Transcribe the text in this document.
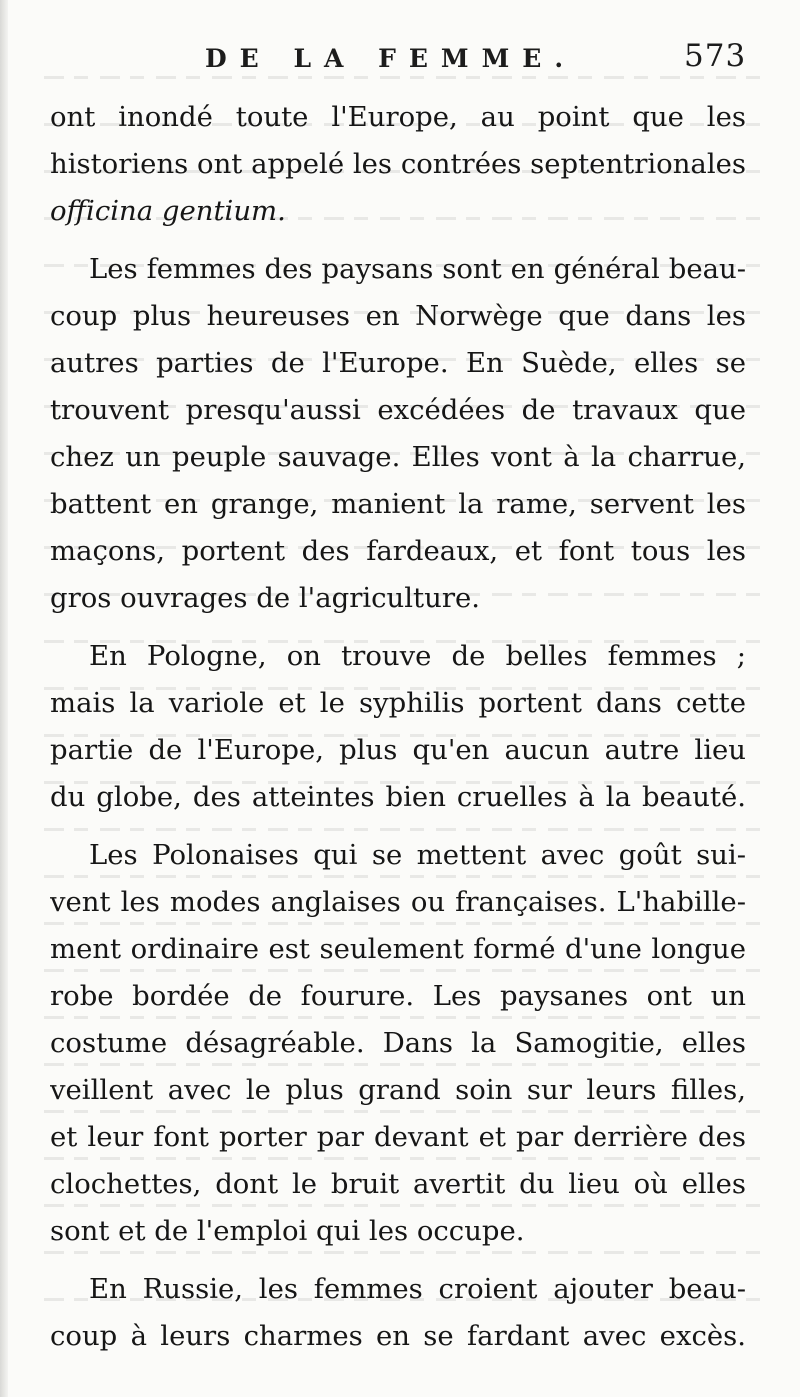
DE LA FEMME.	573
ont inondé toute l'Europe, au point que les
historiens ont appelé les contrées septentrionales
officina gentium.
Les femmes des paysans sont en général beau-
coup plus heureuses en Norwège que dans les
autres parties de l'Europe. En Suède, elles se
trouvent presqu'aussi excédées de travaux que
chez un peuple sauvage. Elles vont à la charrue,
battent en grange, manient la rame, servent les
maçons, portent des fardeaux, et font tous les
gros ouvrages de l'agriculture.
En Pologne, on trouve de belles femmes ;
mais la variole et le syphilis portent dans cette
partie de l'Europe, plus qu'en aucun autre lieu
du globe, des atteintes bien cruelles à la beauté.
Les Polonaises qui se mettent avec goût sui-
vent les modes anglaises ou françaises. L'habille-
ment ordinaire est seulement formé d'une longue
robe bordée de fourure. Les paysanes ont un
costume désagréable. Dans la Samogitie, elles
veillent avec le plus grand soin sur leurs filles,
et leur font porter par devant et par derrière des
clochettes, dont le bruit avertit du lieu où elles
sont et de l'emploi qui les occupe.
En Russie, les femmes croient ajouter beau-
coup à leurs charmes en se fardant avec excès.
